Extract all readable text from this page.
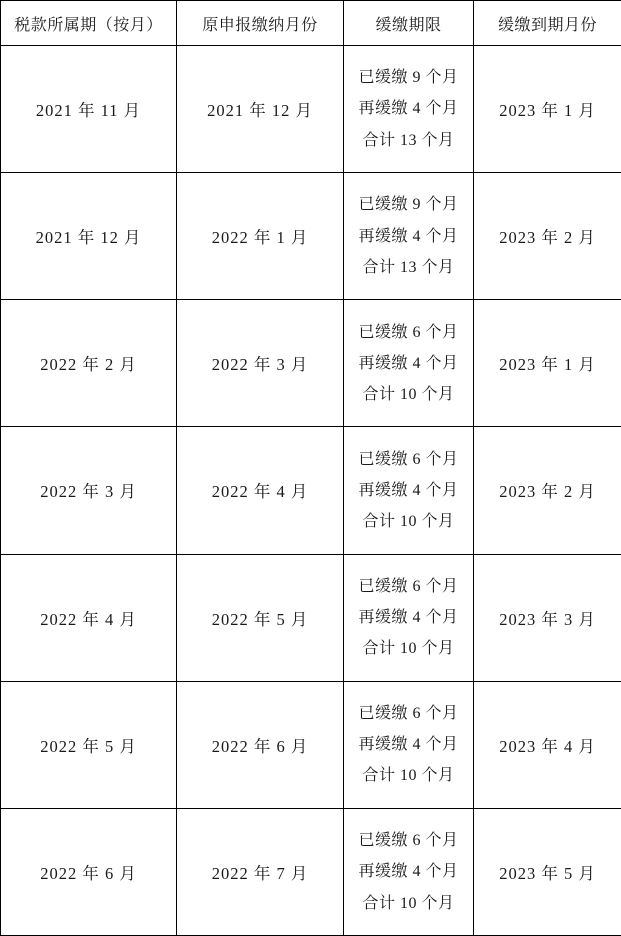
税款所属期（按月）	原申报缴纳月份	缓缴期限	缓缴到期月份
2021 年 11 月	2021 年 12 月	已缓缴 9 个月
再缓缴 4 个月
合计 13 个月	2023 年 1 月
2021 年 12 月	2022 年 1 月	已缓缴 9 个月
再缓缴 4 个月
合计 13 个月	2023 年 2 月
2022 年 2 月	2022 年 3 月	已缓缴 6 个月
再缓缴 4 个月
合计 10 个月	2023 年 1 月
2022 年 3 月	2022 年 4 月	已缓缴 6 个月
再缓缴 4 个月
合计 10 个月	2023 年 2 月
2022 年 4 月	2022 年 5 月	已缓缴 6 个月
再缓缴 4 个月
合计 10 个月	2023 年 3 月
2022 年 5 月	2022 年 6 月	已缓缴 6 个月
再缓缴 4 个月
合计 10 个月	2023 年 4 月
2022 年 6 月	2022 年 7 月	已缓缴 6 个月
再缓缴 4 个月
合计 10 个月	2023 年 5 月
